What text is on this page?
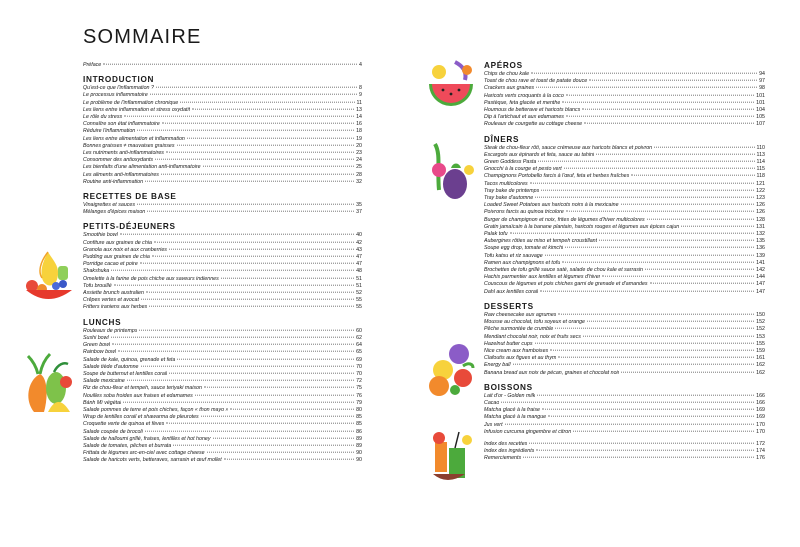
SOMMAIRE
Préface	4
INTRODUCTION
Qu'est-ce que l'inflammation ?	8
Le processus inflammatoire	9
Le problème de l'inflammation chronique	11
Les liens entre inflammation et stress oxydatif	13
Le rôle du stress	14
Connaître son état inflammatoire	16
Réduire l'inflammation	18
Les liens entre alimentation et inflammation	19
Bonnes graisses ≠ mauvaises graisses	20
Les nutriments anti-inflammatoires	23
Consommer des antioxydants	24
Les bienfaits d'une alimentation anti-inflammatoire	25
Les aliments anti-inflammatoires	28
Routine anti-inflammation	32
RECETTES DE BASE
Vinaigrettes et sauces	35
Mélanges d'épices maison	37
PETITS-DÉJEUNERS
Smoothie bowl	40
Confiture aux graines de chia	42
Granola aux noix et aux cranberries	43
Pudding aux graines de chia	47
Porridge cacao et poire	47
Shakshuka	48
Omelette à la farine de pois chiche aux saveurs indiennes	51
Tofu brouillé	51
Assiette brunch australien	52
Crêpes vertes et avocat	55
Fritters iraniens aux herbes	55
LUNCHS
Rouleaux de printemps	60
Sushi bowl	62
Green bowl	64
Rainbow bowl	65
Salade de kale, quinoa, grenade et feta	69
Salade tiède d'automne	70
Soupe de butternut et lentilles corail	70
Salade mexicaine	72
Riz de chou-fleur et tempeh, sauce teriyaki maison	75
Nouilles soba froides aux fraises et edamames	76
Bánh Mì végétal	79
Salade pommes de terre et pois chiches, façon « thon mayo »	80
Wrap de lentilles corail et shawarma de pleurotes	85
Croquette verte de quinoa et fèves	85
Salade coupée de brocoli	86
Salade de halloumi grillé, fraises, lentilles et hot honey	89
Salade de tomates, pêches et burrata	89
Frittata de légumes arc-en-ciel avec cottage cheese	90
Salade de haricots verts, betteraves, sarrasin et œuf mollet	90
APÉROS
Chips de chou kale	94
Toast de chou rave et toast de patate douce	97
Crackers aux graines	98
Haricots verts croquants à la coco	101
Pastèque, feta glacée et menthe	101
Houmous de betterave et haricots blancs	104
Dip à l'artichaut et aux edamames	105
Rouleaux de courgette au cottage cheese	107
DÎNERS
Steak de chou-fleur rôti, sauce crémeuse aux haricots blancs et poivron	110
Escargots aux épinards et feta, sauce au tahini	113
Green Goddess Pasta	114
Gnocchi à la courge et pesto vert	115
Champignons Portobello farcis à l'œuf, feta et herbes fraîches	118
Tacos multicolores	121
Tray bake de printemps	122
Tray bake d'automne	123
Loaded Sweet Potatoes aux haricots noirs à la mexicaine	126
Poivrons farcis au quinoa tricolore	126
Burger de champignon et noix, frites de légumes d'hiver multicolores	128
Gratin jamaïcain à la banane plantain, haricots rouges et légumes aux épices cajun	131
Palak tofu	132
Aubergines rôties au miso et tempeh croustillant	135
Soupe egg drop, tomate et kimchi	136
Tofu katsu et riz sauvage	139
Ramen aux champignons et tofu	141
Brochettes de tofu grillé sauce saté, salade de chou kale et sarrasin	142
Hachis parmentier aux lentilles et légumes d'hiver	144
Couscous de légumes et pois chiches garni de grenade et d'amandes	147
Dahl aux lentilles corail	147
DESSERTS
Raw cheesecake aux agrumes	150
Mousse au chocolat, tofu soyeux et orange	152
Pêche surmontée de crumble	152
Mendiant chocolat noir, noix et fruits secs	153
Hazelnut butter cups	155
Nice cream aux framboises	159
Clafoutis aux figues et au thym	161
Energy ball	162
Banana bread aux noix de pécan, graines et chocolat noir	162
BOISSONS
Lait d'or - Golden milk	166
Cacao	166
Matcha glacé à la fraise	169
Matcha glacé à la mangue	169
Jus vert	170
Infusion curcuma gingembre et citron	170
Index des recettes	172
Index des ingrédients	174
Remerciements	176
